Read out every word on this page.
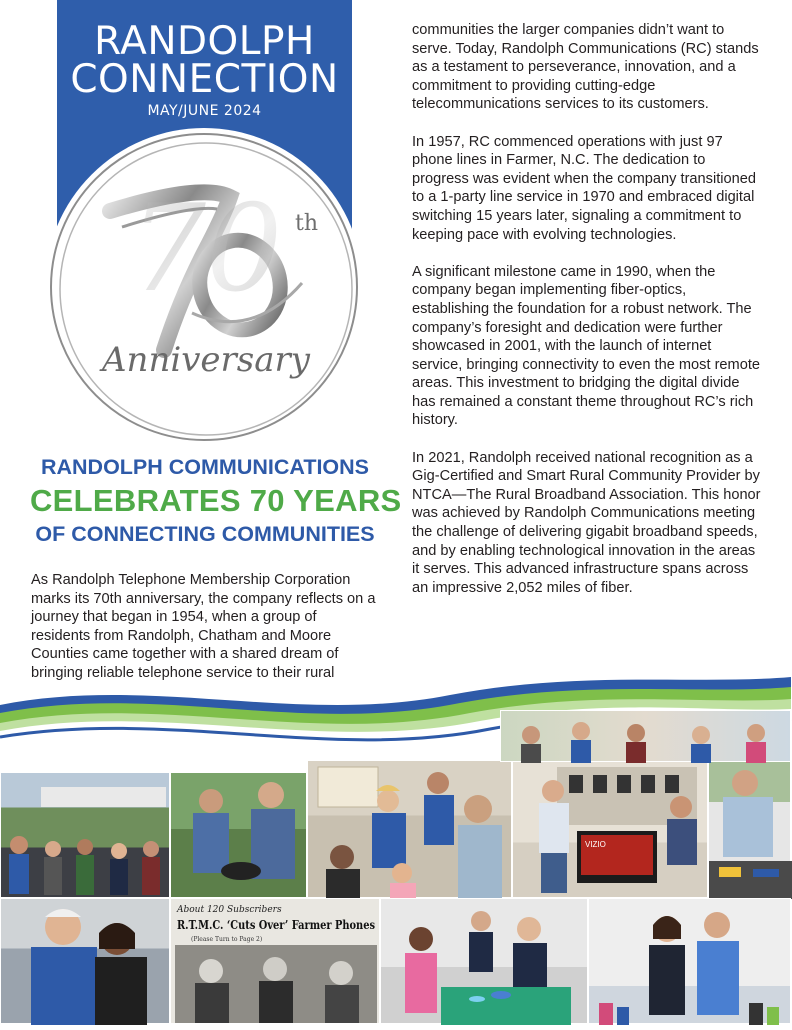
RANDOLPH
CONNECTION
MAY/JUNE 2024
70 th
Anniversary
RANDOLPH COMMUNICATIONS
CELEBRATES 70 YEARS
OF CONNECTING COMMUNITIES

As Randolph Telephone Membership Corporation marks its 70th anniversary, the company reflects on a journey that began in 1954, when a group of residents from Randolph, Chatham and Moore Counties came together with a shared dream of bringing reliable telephone service to their rural

communities the larger companies didn’t want to serve. Today, Randolph Communications (RC) stands as a testament to perseverance, innovation, and a commitment to providing cutting-edge telecommunications services to its customers.

In 1957, RC commenced operations with just 97 phone lines in Farmer, N.C. The dedication to progress was evident when the company transitioned to a 1-party line service in 1970 and embraced digital switching 15 years later, signaling a commitment to keeping pace with evolving technologies.

A significant milestone came in 1990, when the company began implementing fiber-optics, establishing the foundation for a robust network. The company’s foresight and dedication were further showcased in 2001, with the launch of internet service, bringing connectivity to even the most remote areas. This investment to bridging the digital divide has remained a constant theme throughout RC’s rich history.

In 2021, Randolph received national recognition as a Gig-Certified and Smart Rural Community Provider by NTCA—The Rural Broadband Association. This honor was achieved by Randolph Communications meeting the challenge of delivering gigabit broadband speeds, and by enabling technological innovation in the areas it serves. This advanced infrastructure spans across an impressive 2,052 miles of fiber.

VIZIO
About 120 Subscribers
R.T.M.C. ‘Cuts Over’ Farmer Phones
(Please Turn to Page 2)
